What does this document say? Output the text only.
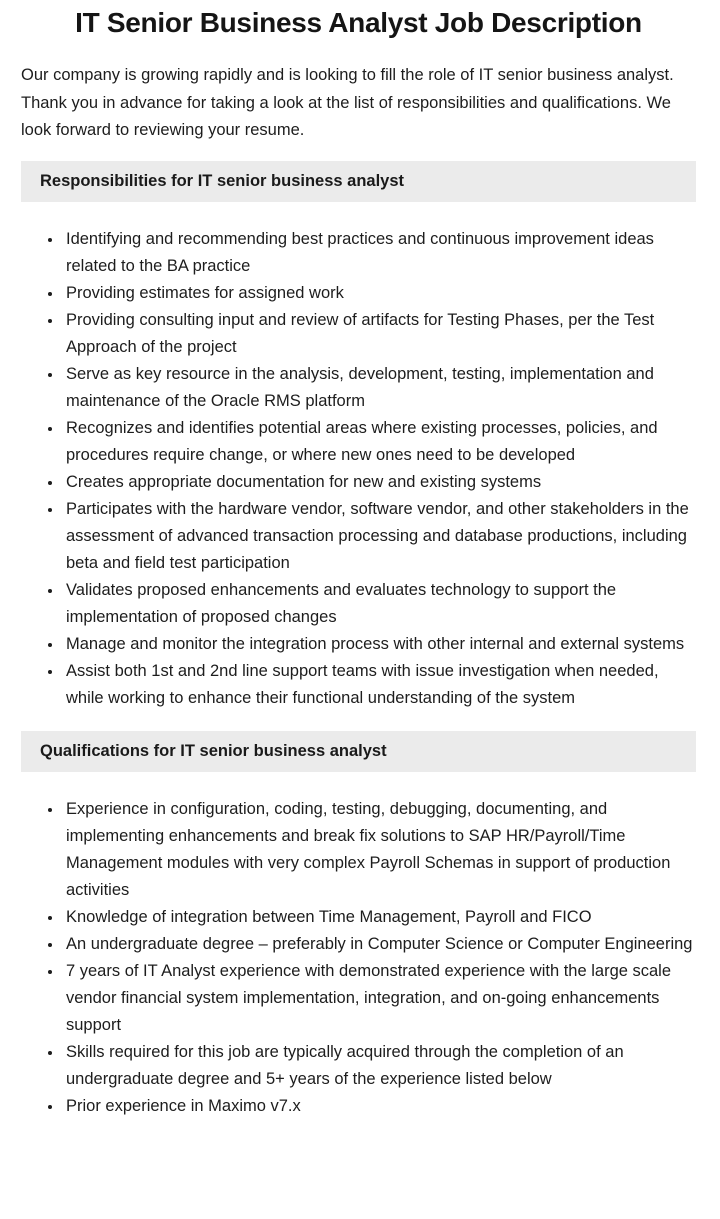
IT Senior Business Analyst Job Description

Our company is growing rapidly and is looking to fill the role of IT senior business analyst. Thank you in advance for taking a look at the list of responsibilities and qualifications. We look forward to reviewing your resume.

Responsibilities for IT senior business analyst
• Identifying and recommending best practices and continuous improvement ideas related to the BA practice
• Providing estimates for assigned work
• Providing consulting input and review of artifacts for Testing Phases, per the Test Approach of the project
• Serve as key resource in the analysis, development, testing, implementation and maintenance of the Oracle RMS platform
• Recognizes and identifies potential areas where existing processes, policies, and procedures require change, or where new ones need to be developed
• Creates appropriate documentation for new and existing systems
• Participates with the hardware vendor, software vendor, and other stakeholders in the assessment of advanced transaction processing and database productions, including beta and field test participation
• Validates proposed enhancements and evaluates technology to support the implementation of proposed changes
• Manage and monitor the integration process with other internal and external systems
• Assist both 1st and 2nd line support teams with issue investigation when needed, while working to enhance their functional understanding of the system
Qualifications for IT senior business analyst
• Experience in configuration, coding, testing, debugging, documenting, and implementing enhancements and break fix solutions to SAP HR/Payroll/Time Management modules with very complex Payroll Schemas in support of production activities
• Knowledge of integration between Time Management, Payroll and FICO
• An undergraduate degree – preferably in Computer Science or Computer Engineering
• 7 years of IT Analyst experience with demonstrated experience with the large scale vendor financial system implementation, integration, and on-going enhancements support
• Skills required for this job are typically acquired through the completion of an undergraduate degree and 5+ years of the experience listed below
• Prior experience in Maximo v7.x
